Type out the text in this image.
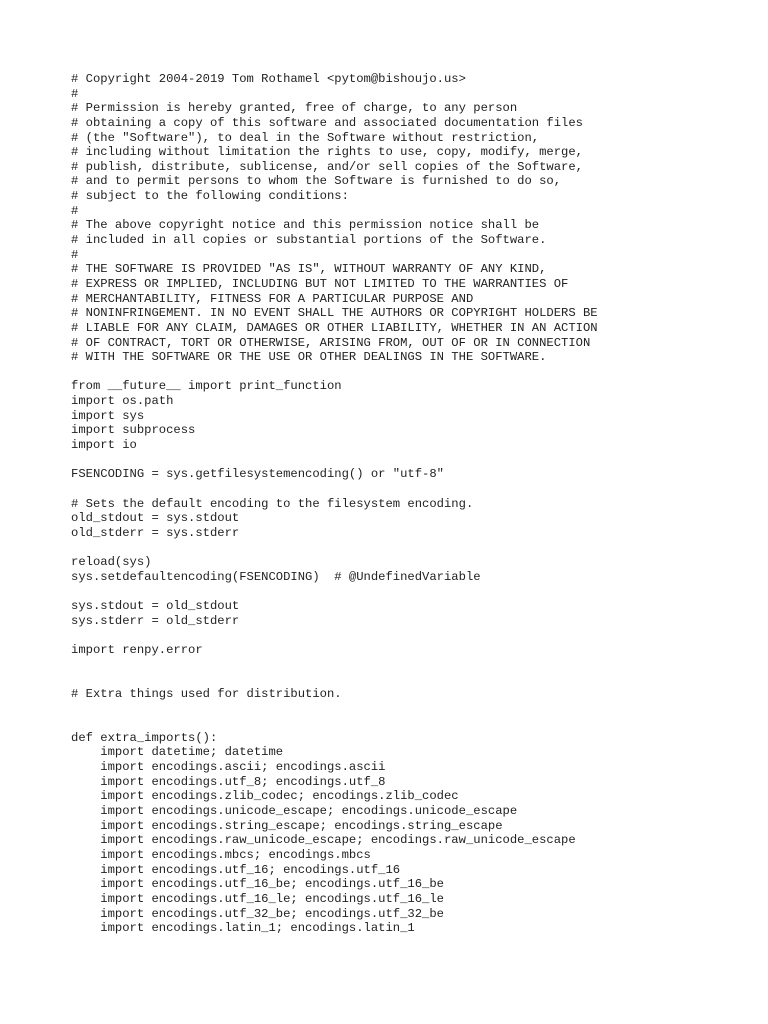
# Copyright 2004-2019 Tom Rothamel <pytom@bishoujo.us>
#
# Permission is hereby granted, free of charge, to any person
# obtaining a copy of this software and associated documentation files
# (the "Software"), to deal in the Software without restriction,
# including without limitation the rights to use, copy, modify, merge,
# publish, distribute, sublicense, and/or sell copies of the Software,
# and to permit persons to whom the Software is furnished to do so,
# subject to the following conditions:
#
# The above copyright notice and this permission notice shall be
# included in all copies or substantial portions of the Software.
#
# THE SOFTWARE IS PROVIDED "AS IS", WITHOUT WARRANTY OF ANY KIND,
# EXPRESS OR IMPLIED, INCLUDING BUT NOT LIMITED TO THE WARRANTIES OF
# MERCHANTABILITY, FITNESS FOR A PARTICULAR PURPOSE AND
# NONINFRINGEMENT. IN NO EVENT SHALL THE AUTHORS OR COPYRIGHT HOLDERS BE
# LIABLE FOR ANY CLAIM, DAMAGES OR OTHER LIABILITY, WHETHER IN AN ACTION
# OF CONTRACT, TORT OR OTHERWISE, ARISING FROM, OUT OF OR IN CONNECTION
# WITH THE SOFTWARE OR THE USE OR OTHER DEALINGS IN THE SOFTWARE.
from __future__ import print_function
import os.path
import sys
import subprocess
import io
FSENCODING = sys.getfilesystemencoding() or "utf-8"
# Sets the default encoding to the filesystem encoding.
old_stdout = sys.stdout
old_stderr = sys.stderr
reload(sys)
sys.setdefaultencoding(FSENCODING)  # @UndefinedVariable
sys.stdout = old_stdout
sys.stderr = old_stderr
import renpy.error
# Extra things used for distribution.
def extra_imports():
import datetime; datetime
import encodings.ascii; encodings.ascii
import encodings.utf_8; encodings.utf_8
import encodings.zlib_codec; encodings.zlib_codec
import encodings.unicode_escape; encodings.unicode_escape
import encodings.string_escape; encodings.string_escape
import encodings.raw_unicode_escape; encodings.raw_unicode_escape
import encodings.mbcs; encodings.mbcs
import encodings.utf_16; encodings.utf_16
import encodings.utf_16_be; encodings.utf_16_be
import encodings.utf_16_le; encodings.utf_16_le
import encodings.utf_32_be; encodings.utf_32_be
import encodings.latin_1; encodings.latin_1
